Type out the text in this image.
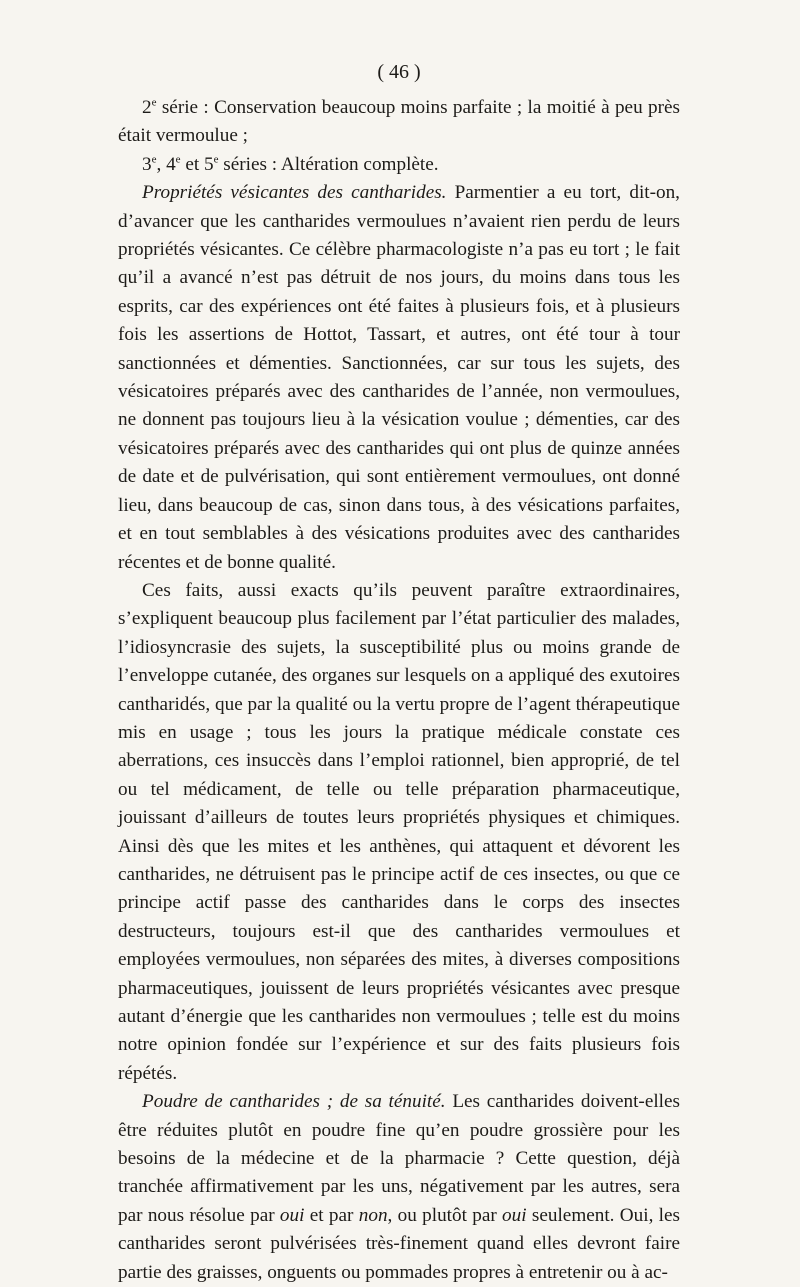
( 46 )

2e série : Conservation beaucoup moins parfaite ; la moitié à peu près était vermoulue ;

3e, 4e et 5e séries : Altération complète.

Propriétés vésicantes des cantharides. Parmentier a eu tort, dit-on, d’avancer que les cantharides vermoulues n’avaient rien perdu de leurs propriétés vésicantes. Ce célèbre pharmacologiste n’a pas eu tort ; le fait qu’il a avancé n’est pas détruit de nos jours, du moins dans tous les esprits, car des expériences ont été faites à plusieurs fois, et à plusieurs fois les assertions de Hottot, Tassart, et autres, ont été tour à tour sanctionnées et démenties. Sanctionnées, car sur tous les sujets, des vésicatoires préparés avec des cantharides de l’année, non vermoulues, ne donnent pas toujours lieu à la vésication voulue ; démenties, car des vésicatoires préparés avec des cantharides qui ont plus de quinze années de date et de pulvérisation, qui sont entièrement vermoulues, ont donné lieu, dans beaucoup de cas, sinon dans tous, à des vésications parfaites, et en tout semblables à des vésications produites avec des cantharides récentes et de bonne qualité.

Ces faits, aussi exacts qu’ils peuvent paraître extraordinaires, s’expliquent beaucoup plus facilement par l’état particulier des malades, l’idiosyncrasie des sujets, la susceptibilité plus ou moins grande de l’enveloppe cutanée, des organes sur lesquels on a appliqué des exutoires cantharidés, que par la qualité ou la vertu propre de l’agent thérapeutique mis en usage ; tous les jours la pratique médicale constate ces aberrations, ces insuccès dans l’emploi rationnel, bien approprié, de tel ou tel médicament, de telle ou telle préparation pharmaceutique, jouissant d’ailleurs de toutes leurs propriétés physiques et chimiques. Ainsi dès que les mites et les anthènes, qui attaquent et dévorent les cantharides, ne détruisent pas le principe actif de ces insectes, ou que ce principe actif passe des cantharides dans le corps des insectes destructeurs, toujours est-il que des cantharides vermoulues et employées vermoulues, non séparées des mites, à diverses compositions pharmaceutiques, jouissent de leurs propriétés vésicantes avec presque autant d’énergie que les cantharides non vermoulues ; telle est du moins notre opinion fondée sur l’expérience et sur des faits plusieurs fois répétés.

Poudre de cantharides ; de sa ténuité. Les cantharides doivent-elles être réduites plutôt en poudre fine qu’en poudre grossière pour les besoins de la médecine et de la pharmacie ? Cette question, déjà tranchée affirmativement par les uns, négativement par les autres, sera par nous résolue par oui et par non, ou plutôt par oui seulement. Oui, les cantharides seront pulvérisées très-finement quand elles devront faire partie des graisses, onguents ou pommades propres à entretenir ou à ac-
